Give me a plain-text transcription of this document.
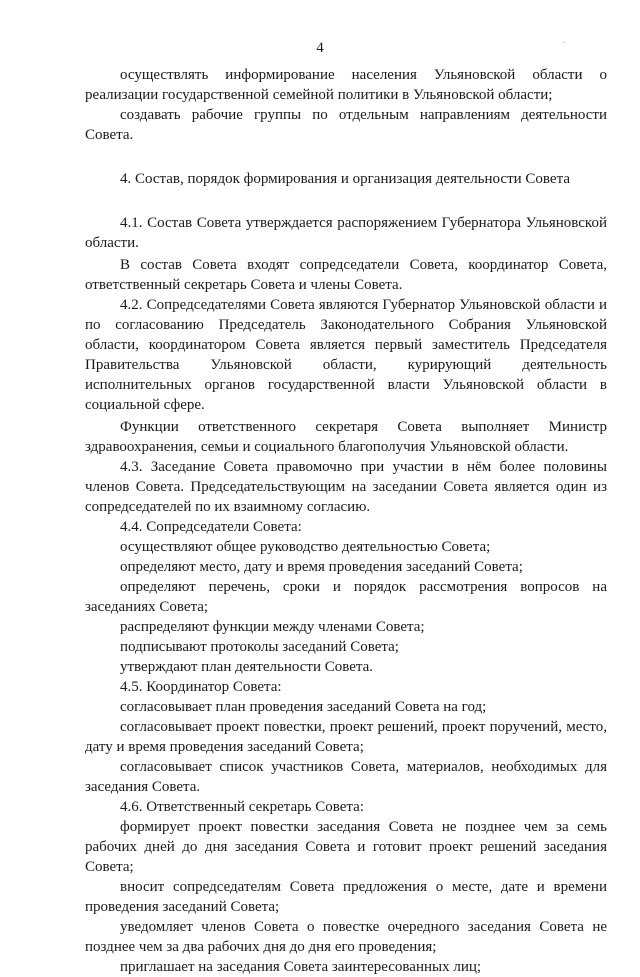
4	.

осуществлять информирование населения Ульяновской области о реализации государственной семейной политики в Ульяновской области;

создавать рабочие группы по отдельным направлениям деятельности Совета.

4. Состав, порядок формирования и организация деятельности Совета

4.1. Состав Совета утверждается распоряжением Губернатора Ульяновской области.

В состав Совета входят сопредседатели Совета, координатор Совета, ответственный секретарь Совета и члены Совета.

4.2. Сопредседателями Совета являются Губернатор Ульяновской области и по согласованию Председатель Законодательного Собрания Ульяновской области, координатором Совета является первый заместитель Председателя Правительства Ульяновской области, курирующий деятельность исполнительных органов государственной власти Ульяновской области в социальной сфере.

Функции ответственного секретаря Совета выполняет Министр здравоохранения, семьи и социального благополучия Ульяновской области.

4.3. Заседание Совета правомочно при участии в нём более половины членов Совета. Председательствующим на заседании Совета является один из сопредседателей по их взаимному согласию.

4.4. Сопредседатели Совета:

осуществляют общее руководство деятельностью Совета;

определяют место, дату и время проведения заседаний Совета;

определяют перечень, сроки и порядок рассмотрения вопросов на заседаниях Совета;

распределяют функции между членами Совета;

подписывают протоколы заседаний Совета;

утверждают план деятельности Совета.

4.5. Координатор Совета:

согласовывает план проведения заседаний Совета на год;

согласовывает проект повестки, проект решений, проект поручений, место, дату и время проведения заседаний Совета;

согласовывает список участников Совета, материалов, необходимых для заседания Совета.

4.6. Ответственный секретарь Совета:

формирует проект повестки заседания Совета не позднее чем за семь рабочих дней до дня заседания Совета и готовит проект решений заседания Совета;

вносит сопредседателям Совета предложения о месте, дате и времени проведения заседаний Совета;

уведомляет членов Совета о повестке очередного заседания Совета не позднее чем за два рабочих дня до дня его проведения;

приглашает на заседания Совета заинтересованных лиц;
